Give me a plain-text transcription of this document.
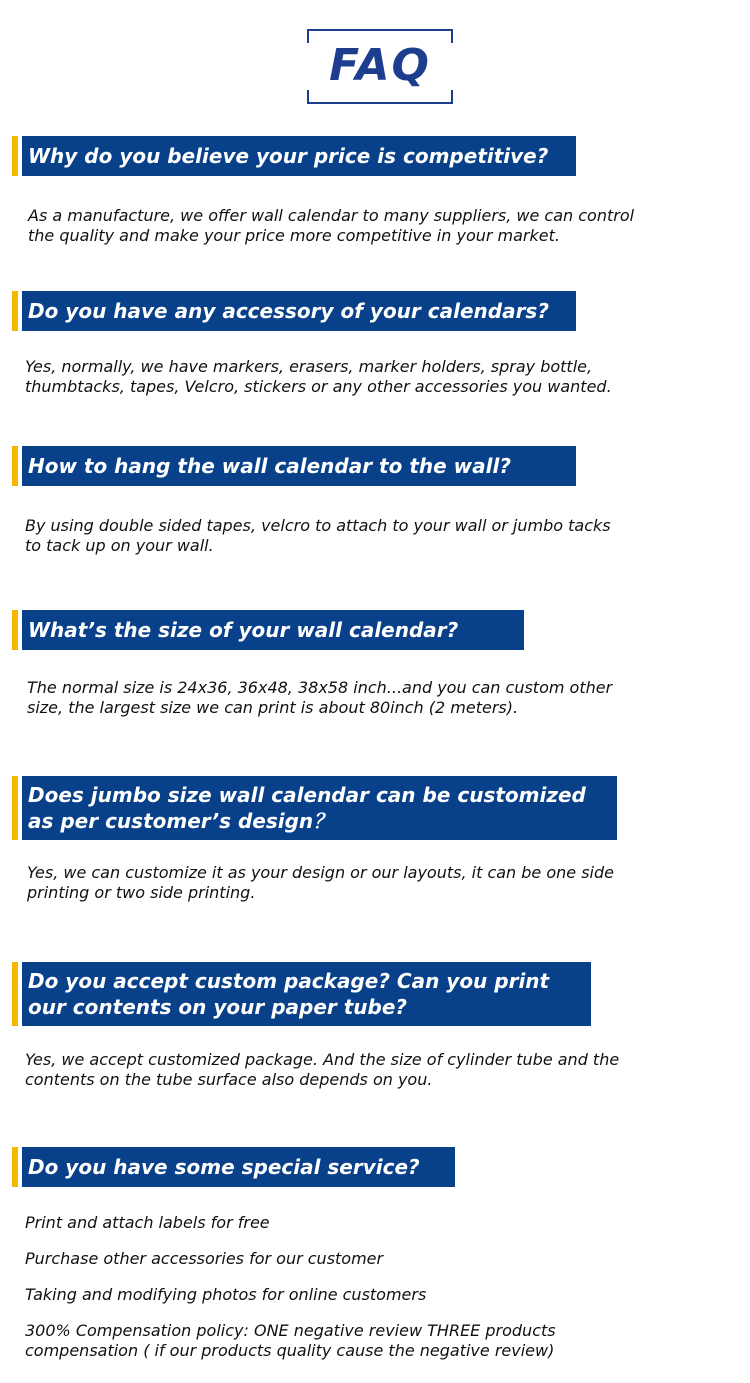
FAQ
Why do you believe your price is competitive?
As a manufacture, we offer wall calendar to many suppliers, we can control
the quality and make your price more competitive in your market.
Do you have any accessory of your calendars?
Yes, normally, we have markers, erasers, marker holders, spray bottle,
thumbtacks, tapes, Velcro, stickers or any other accessories you wanted.
How to hang the wall calendar to the wall?
By using double sided tapes, velcro to attach to your wall or jumbo tacks
to tack up on your wall.
What’s the size of your wall calendar?
The normal size is 24x36, 36x48, 38x58 inch...and you can custom other
size, the largest size we can print is about 80inch (2 meters).
Does jumbo size wall calendar can be customized
as per customer’s design？
Yes, we can customize it as your design or our layouts, it can be one side
printing or two side printing.
Do you accept custom package? Can you print
our contents on your paper tube?
Yes, we accept customized package. And the size of cylinder tube and the
contents on the tube surface also depends on you.
Do you have some special service?
Print and attach labels for free
Purchase other accessories for our customer
Taking and modifying photos for online customers
300% Compensation policy: ONE negative review THREE products
compensation ( if our products quality cause the negative review)
